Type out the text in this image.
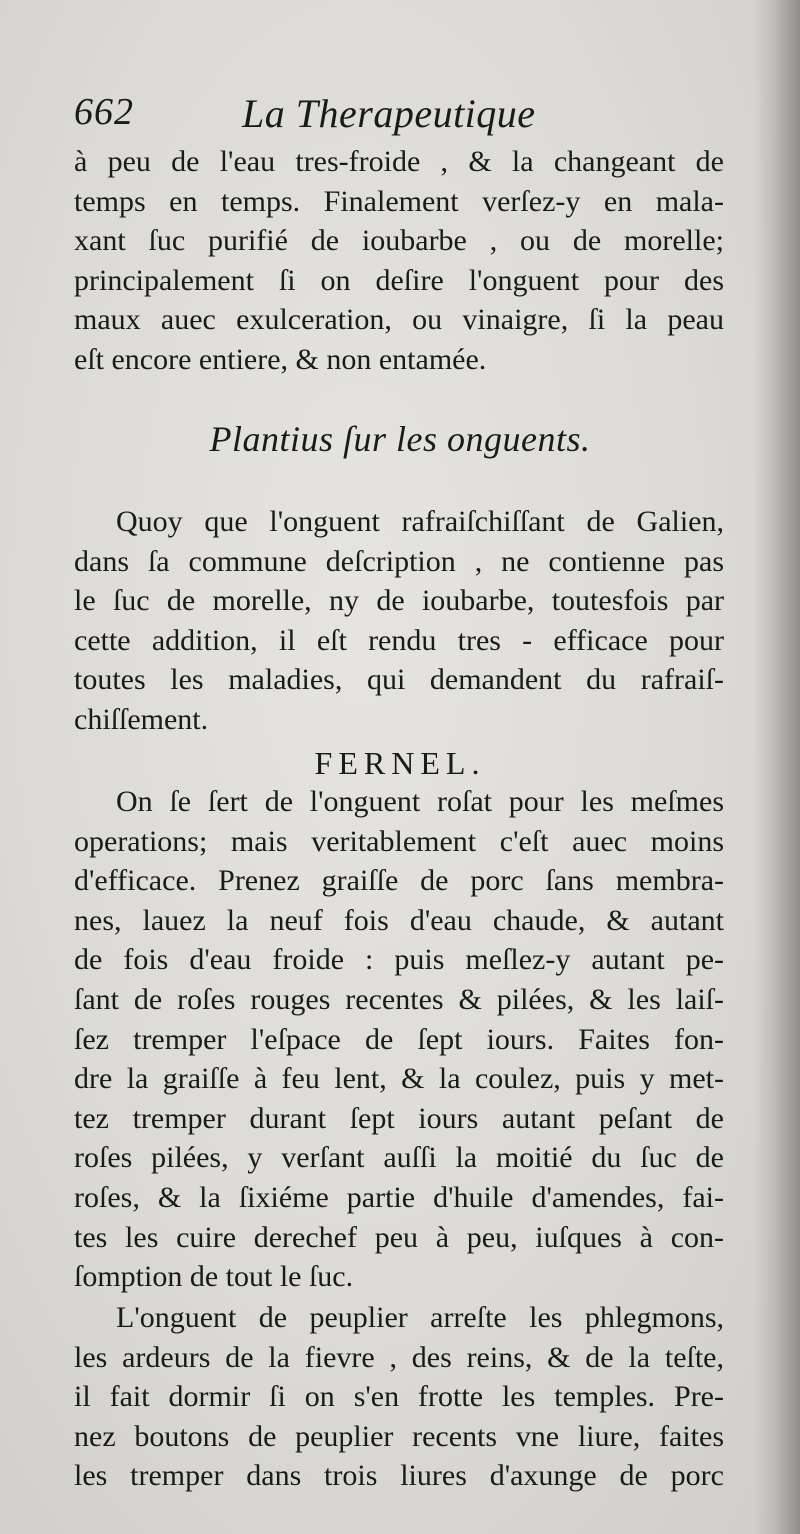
662	La Therapeutique
à peu de l'eau tres-froide , & la changeant de
temps en temps. Finalement verſez-y en mala-
xant ſuc purifié de ioubarbe , ou de morelle;
principalement ſi on deſire l'onguent pour des
maux auec exulceration, ou vinaigre, ſi la peau
eſt encore entiere, & non entamée.
Plantius ſur les onguents.
Quoy que l'onguent rafraiſchiſſant de Galien,
dans ſa commune deſcription , ne contienne pas
le ſuc de morelle, ny de ioubarbe, toutesfois par
cette addition, il eſt rendu tres - efficace pour
toutes les maladies, qui demandent du rafraiſ-
chiſſement.
FERNEL.
On ſe ſert de l'onguent roſat pour les meſmes
operations; mais veritablement c'eſt auec moins
d'efficace. Prenez graiſſe de porc ſans membra-
nes, lauez la neuf fois d'eau chaude, & autant
de fois d'eau froide : puis meſlez-y autant pe-
ſant de roſes rouges recentes & pilées, & les laiſ-
ſez tremper l'eſpace de ſept iours. Faites fon-
dre la graiſſe à feu lent, & la coulez, puis y met-
tez tremper durant ſept iours autant peſant de
roſes pilées, y verſant auſſi la moitié du ſuc de
roſes, & la ſixiéme partie d'huile d'amendes, fai-
tes les cuire derechef peu à peu, iuſques à con-
ſomption de tout le ſuc.
L'onguent de peuplier arreſte les phlegmons,
les ardeurs de la fievre , des reins, & de la teſte,
il fait dormir ſi on s'en frotte les temples. Pre-
nez boutons de peuplier recents vne liure, faites
les tremper dans trois liures d'axunge de porc
